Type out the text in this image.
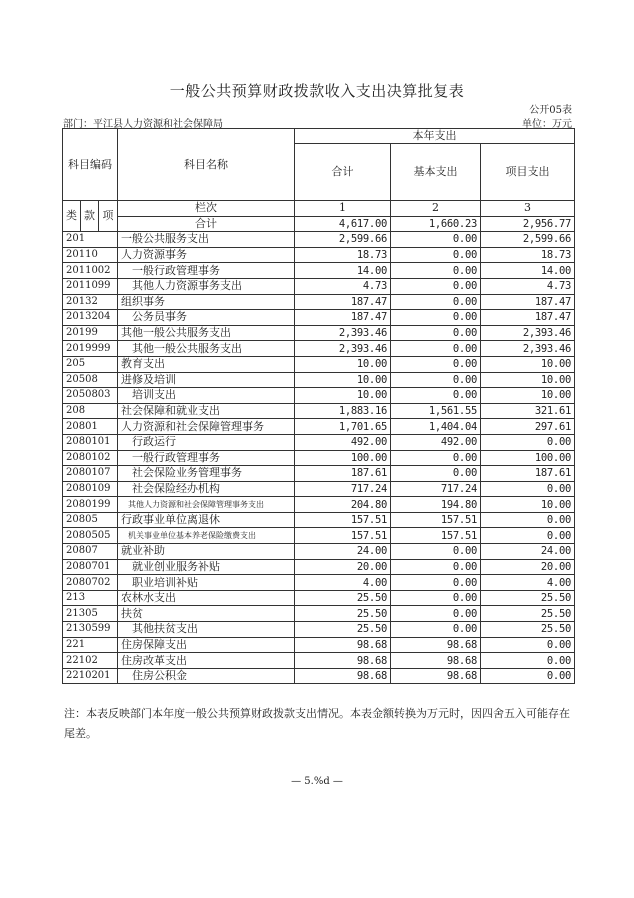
一般公共预算财政拨款收入支出决算批复表
公开05表
部门：平江县人力资源和社会保障局	单位：万元
科目编码			科目名称	本年支出		
				合计	基本支出	项目支出
类	款	项	栏次	1	2	3
			合计	4,617.00	1,660.23	2,956.77
201			一般公共服务支出	2,599.66	0.00	2,599.66
20110			人力资源事务	18.73	0.00	18.73
2011002			一般行政管理事务	14.00	0.00	14.00
2011099			其他人力资源事务支出	4.73	0.00	4.73
20132			组织事务	187.47	0.00	187.47
2013204			公务员事务	187.47	0.00	187.47
20199			其他一般公共服务支出	2,393.46	0.00	2,393.46
2019999			其他一般公共服务支出	2,393.46	0.00	2,393.46
205			教育支出	10.00	0.00	10.00
20508			进修及培训	10.00	0.00	10.00
2050803			培训支出	10.00	0.00	10.00
208			社会保障和就业支出	1,883.16	1,561.55	321.61
20801			人力资源和社会保障管理事务	1,701.65	1,404.04	297.61
2080101			行政运行	492.00	492.00	0.00
2080102			一般行政管理事务	100.00	0.00	100.00
2080107			社会保险业务管理事务	187.61	0.00	187.61
2080109			社会保险经办机构	717.24	717.24	0.00
2080199			其他人力资源和社会保障管理事务支出	204.80	194.80	10.00
20805			行政事业单位离退休	157.51	157.51	0.00
2080505			机关事业单位基本养老保险缴费支出	157.51	157.51	0.00
20807			就业补助	24.00	0.00	24.00
2080701			就业创业服务补贴	20.00	0.00	20.00
2080702			职业培训补贴	4.00	0.00	4.00
213			农林水支出	25.50	0.00	25.50
21305			扶贫	25.50	0.00	25.50
2130599			其他扶贫支出	25.50	0.00	25.50
221			住房保障支出	98.68	98.68	0.00
22102			住房改革支出	98.68	98.68	0.00
2210201			住房公积金	98.68	98.68	0.00
注：本表反映部门本年度一般公共预算财政拨款支出情况。本表金额转换为万元时，因四舍五入可能存在尾差。
— 5.%d —
